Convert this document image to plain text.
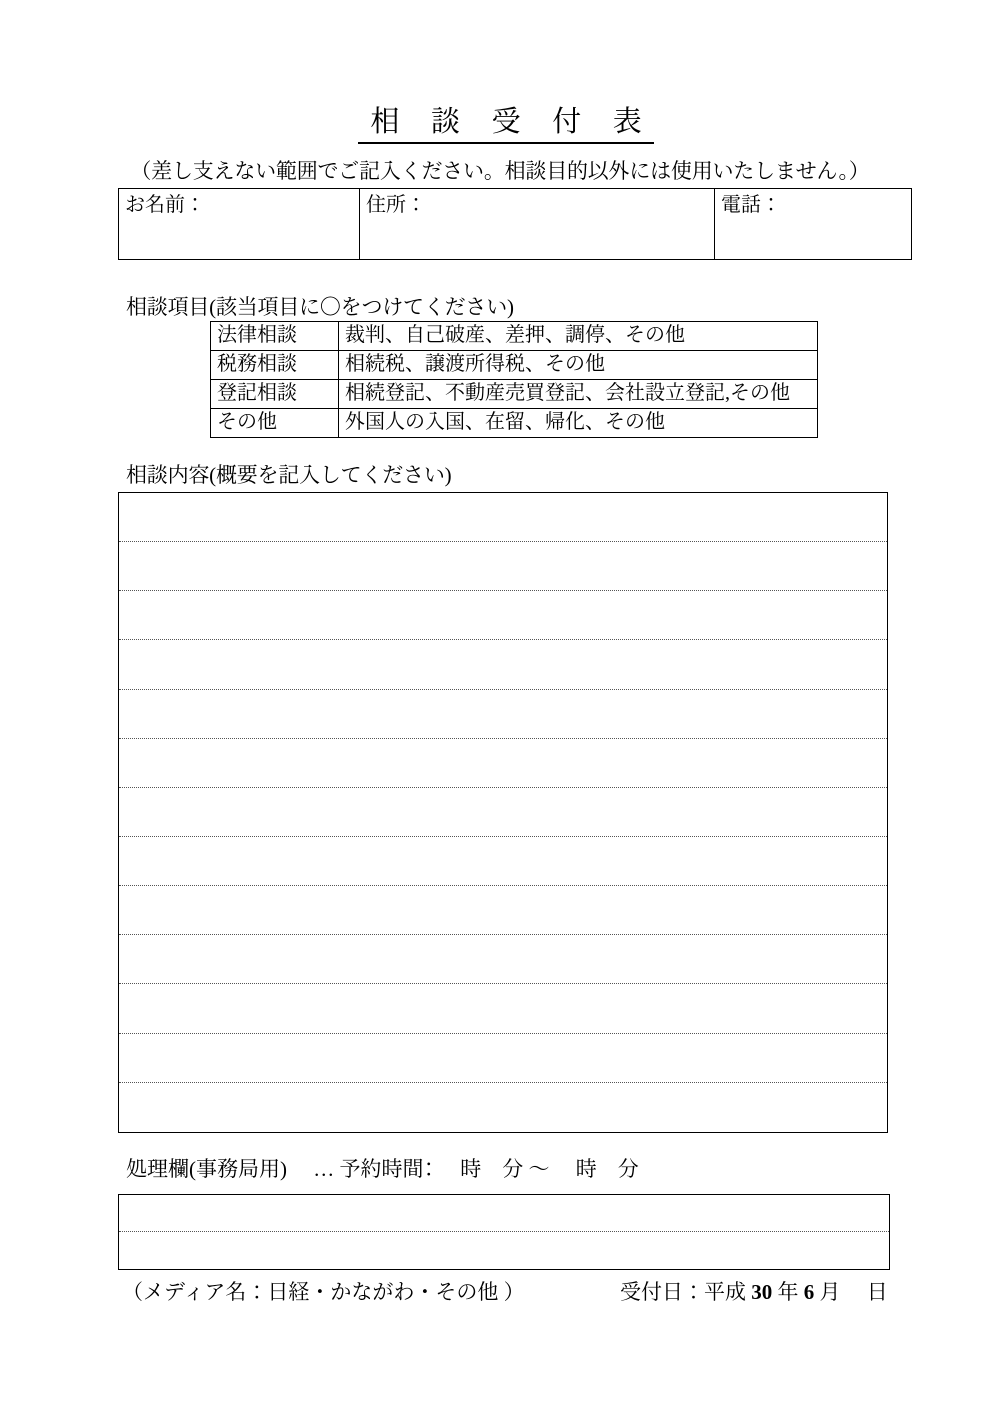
相 談 受 付 表
（差し支えない範囲でご記入ください。相談目的以外には使用いたしません。）
お名前：	住所：	電話：
相談項目(該当項目に〇をつけてください)
法律相談	裁判、自己破産、差押、調停、その他
税務相談	相続税、譲渡所得税、その他
登記相談	相続登記、不動産売買登記、会社設立登記,その他
その他	外国人の入国、在留、帰化、その他
相談内容(概要を記入してください)
処理欄(事務局用)　 … 予約時間：　 時　分 ～ 　時　分
（メディア名：日経・かながわ・その他 ）	受付日：平成 30 年 6 月　 日
